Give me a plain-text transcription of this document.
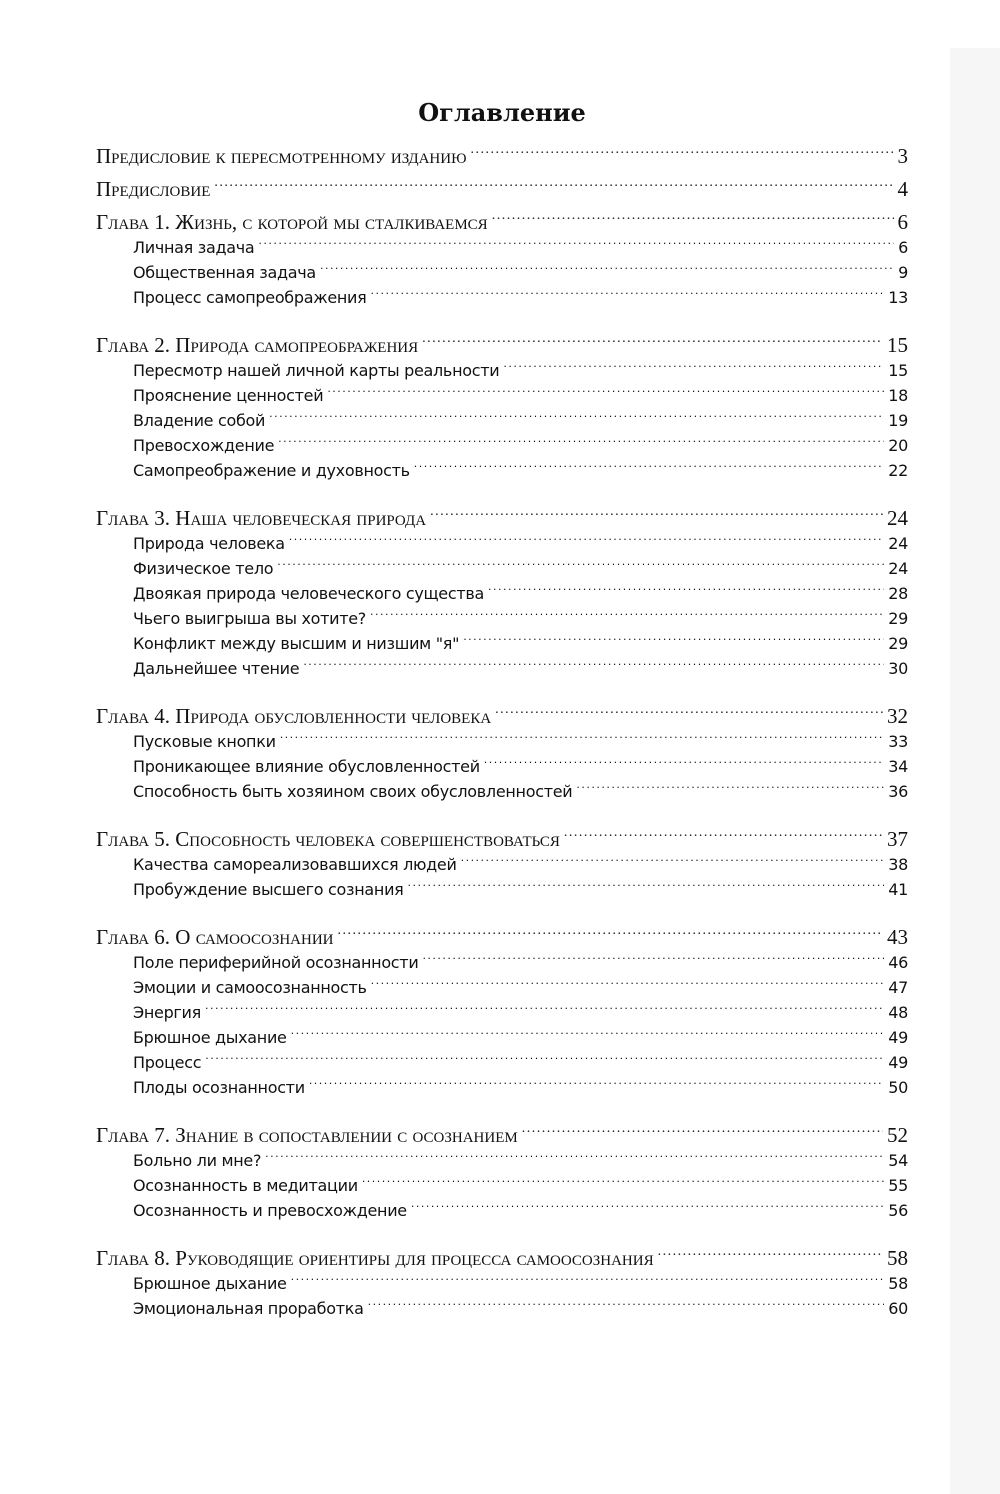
Оглавление
Предисловие к пересмотренному изданию . . .	3
Предисловие . . .	4
Глава 1. Жизнь, с которой мы сталкиваемся . . .	6
Личная задача . . .	6
Общественная задача . . .	9
Процесс самопреображения . . .	13
Глава 2. Природа самопреображения . . .	15
Пересмотр нашей личной карты реальности . . .	15
Прояснение ценностей . . .	18
Владение собой . . .	19
Превосхождение . . .	20
Самопреображение и духовность . . .	22
Глава 3. Наша человеческая природа . . .	24
Природа человека . . .	24
Физическое тело . . .	24
Двоякая природа человеческого существа . . .	28
Чьего выигрыша вы хотите? . . .	29
Конфликт между высшим и низшим "я" . . .	29
Дальнейшее чтение . . .	30
Глава 4. Природа обусловленности человека . . .	32
Пусковые кнопки . . .	33
Проникающее влияние обусловленностей . . .	34
Способность быть хозяином своих обусловленностей . . .	36
Глава 5. Способность человека совершенствоваться . . .	37
Качества самореализовавшихся людей . . .	38
Пробуждение высшего сознания . . .	41
Глава 6. О самоосознании . . .	43
Поле периферийной осознанности . . .	46
Эмоции и самоосознанность . . .	47
Энергия . . .	48
Брюшное дыхание . . .	49
Процесс . . .	49
Плоды осознанности . . .	50
Глава 7. Знание в сопоставлении с осознанием . . .	52
Больно ли мне? . . .	54
Осознанность в медитации . . .	55
Осознанность и превосхождение . . .	56
Глава 8. Руководящие ориентиры для процесса самоосознания . . .	58
Брюшное дыхание . . .	58
Эмоциональная проработка . . .	60
